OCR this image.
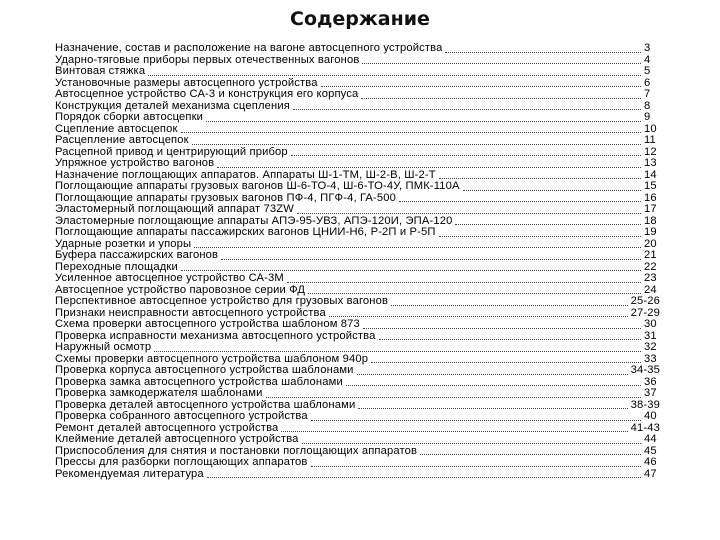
Содержание
Назначение, состав и расположение на вагоне автосцепного устройства	3
Ударно-тяговые приборы первых отечественных вагонов	4
Винтовая стяжка	5
Установочные размеры автосцепного устройства	6
Автосцепное устройство СА-3 и конструкция его корпуса	7
Конструкция деталей механизма сцепления	8
Порядок сборки автосцепки	9
Сцепление автосцепок	10
Расцепление автосцепок	11
Расцепной привод и центрирующий прибор	12
Упряжное устройство вагонов	13
Назначение поглощающих аппаратов. Аппараты Ш-1-ТМ, Ш-2-В, Ш-2-Т	14
Поглощающие аппараты грузовых вагонов Ш-6-ТО-4, Ш-6-ТО-4У, ПМК-110А	15
Поглощающие аппараты грузовых вагонов ПФ-4, ПГФ-4, ГА-500	16
Эластомерный поглощающий аппарат 73ZW	17
Эластомерные поглощающие аппараты АПЭ-95-УВЗ, АПЭ-120И, ЭПА-120	18
Поглощающие аппараты пассажирских вагонов ЦНИИ-Н6, Р-2П и Р-5П	19
Ударные розетки и упоры	20
Буфера пассажирских вагонов	21
Переходные площадки	22
Усиленное автосцепное устройство СА-3М	23
Автосцепное устройство паровозное серии ФД	24
Перспективное автосцепное устройство для грузовых вагонов	25-26
Признаки неисправности автосцепного устройства	27-29
Схема проверки автосцепного устройства шаблоном 873	30
Проверка исправности механизма автосцепного устройства	31
Наружный осмотр	32
Схемы проверки автосцепного устройства шаблоном 940р	33
Проверка корпуса автосцепного устройства шаблонами	34-35
Проверка замка автосцепного устройства шаблонами	36
Проверка замкодержателя шаблонами	37
Проверка деталей автосцепного устройства шаблонами	38-39
Проверка собранного автосцепного устройства	40
Ремонт деталей автосцепного устройства	41-43
Клеймение деталей автосцепного устройства	44
Приспособления для снятия и постановки поглощающих аппаратов	45
Прессы для разборки поглощающих аппаратов	46
Рекомендуемая литература	47
